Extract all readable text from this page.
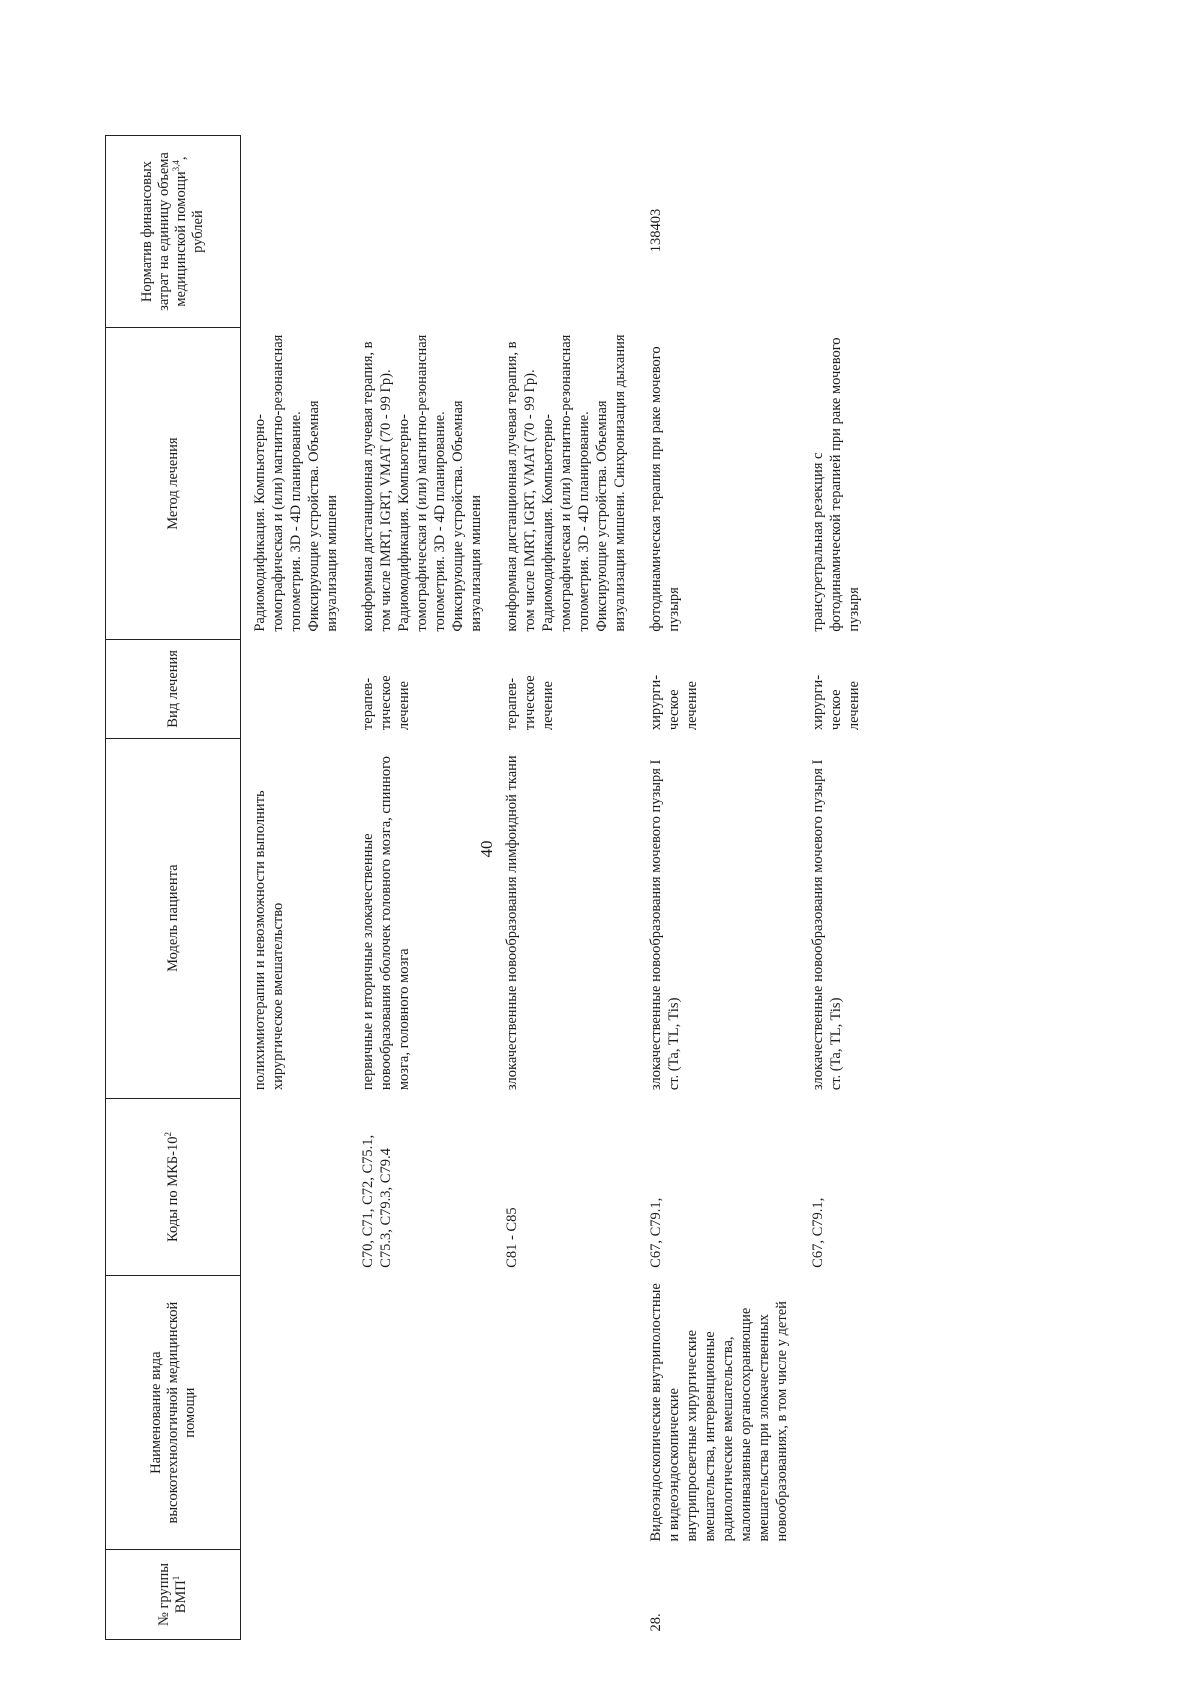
40
№ группы ВМП$^1$	Наименование вида высокотехнологичной медицинской помощи	Коды по МКБ-$10^2$	Модель пациента	Вид лечения	Метод лечения	Норматив финансовых затрат на единицу объема медицинской помощи$^{3,4}$, рублей
			полихимиотерапии и невозможности выполнить хирургическое вмешательство		Радиомодификация. Компьютерно-томографическая и (или) магнитно-резонансная топометрия. 3D - 4D планирование. Фиксирующие устройства. Объемная визуализация мишени	
		C70, C71, C72, C75.1, C75.3, C79.3, C79.4	первичные и вторичные злокачественные новообразования оболочек головного мозга, спинного мозга, головного мозга	терапев-тическое лечение	конформная дистанционная лучевая терапия, в том числе IMRT, IGRT, VMAT (70 - 99 Гр). Радиомодификация. Компьютерно-томографическая и (или) магнитно-резонансная топометрия. 3D - 4D планирование. Фиксирующие устройства. Объемная визуализация мишени	
		C81 - C85	злокачественные новообразования лимфоидной ткани	терапев-тическое лечение	конформная дистанционная лучевая терапия, в том числе IMRT, IGRT, VMAT (70 - 99 Гр). Радиомодификация. Компьютерно-томографическая и (или) магнитно-резонансная топометрия. 3D - 4D планирование. Фиксирующие устройства. Объемная визуализация мишени. Синхронизация дыхания	
28.	Видеоэндоскопические внутриполостные и видеоэндоскопические внутрипросветные хирургические вмешательства, интервенционные радиологические вмешательства, малоинвазивные органосохраняющие вмешательства при злокачественных новообразованиях, в том числе у детей	C67, C79.1,	злокачественные новообразования мочевого пузыря I ст. (Ta, TL, Tis)	хирурги-ческое лечение	фотодинамическая терапия при раке мочевого пузыря	138403
		C67, C79.1,	злокачественные новообразования мочевого пузыря I ст. (Ta, TL, Tis)	хирурги-ческое лечение	трансуретральная резекция с фотодинамической терапией при раке мочевого пузыря	
